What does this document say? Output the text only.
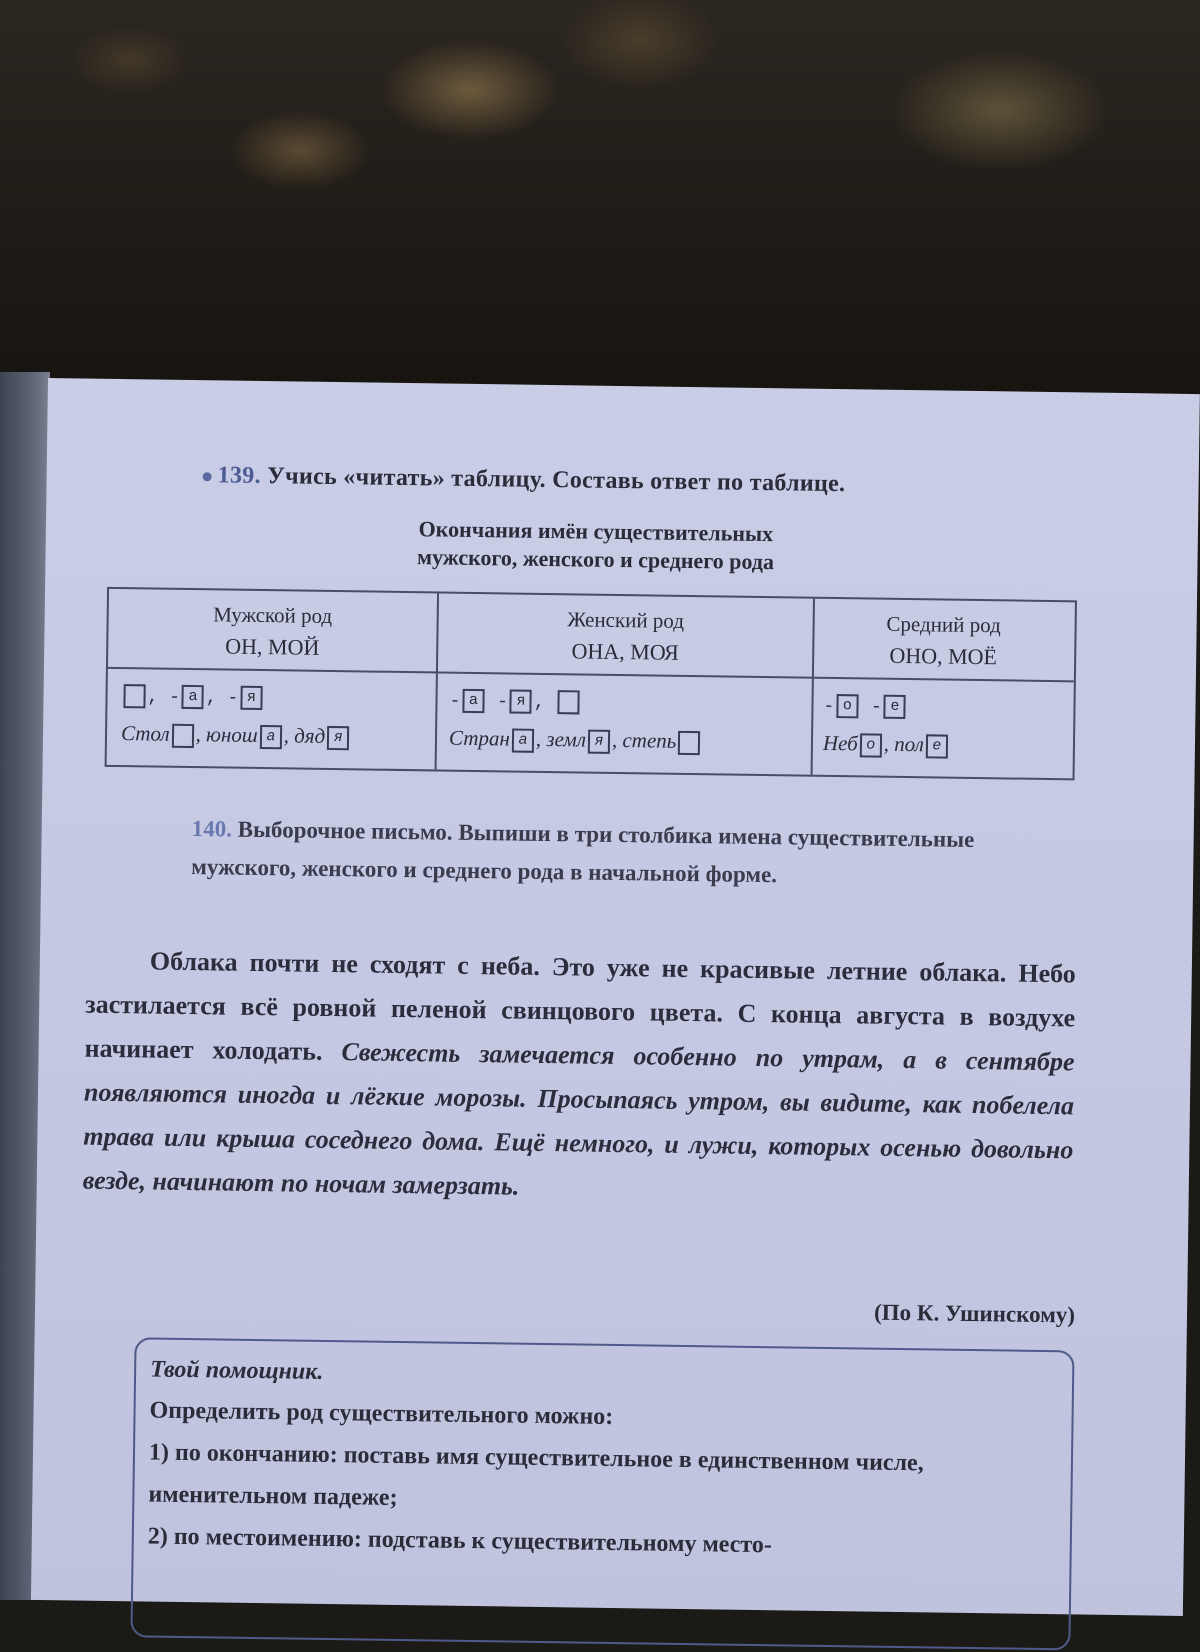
139. Учись «читать» таблицу. Составь ответ по таблице.
Окончания имён существительных
мужского, женского и среднего рода
Мужской род
ОН, МОЙ
, - а , - я
Стол , юнош а , дяд я
Женский род
ОНА, МОЯ
- а - я ,
Стран а , земл я , степь
Средний род
ОНО, МОЁ
- о - е
Неб о , пол е
140. Выборочное письмо. Выпиши в три столбика имена существительные мужского, женского и среднего рода в начальной форме.
Облака почти не сходят с неба. Это уже не красивые летние облака. Небо застилается всё ровной пеленой свинцового цвета. С конца августа в воздухе начинает холодать. Свежесть замечается особенно по утрам, а в сентябре появляются иногда и лёгкие морозы. Просыпаясь утром, вы видите, как побелела трава или крыша соседнего дома. Ещё немного, и лужи, которых осенью довольно везде, начинают по ночам замерзать.
(По К. Ушинскому)
Твой помощник.
Определить род существительного можно:
1) по окончанию: поставь имя существительное в единственном числе, именительном падеже;
2) по местоимению: подставь к существительному место-
